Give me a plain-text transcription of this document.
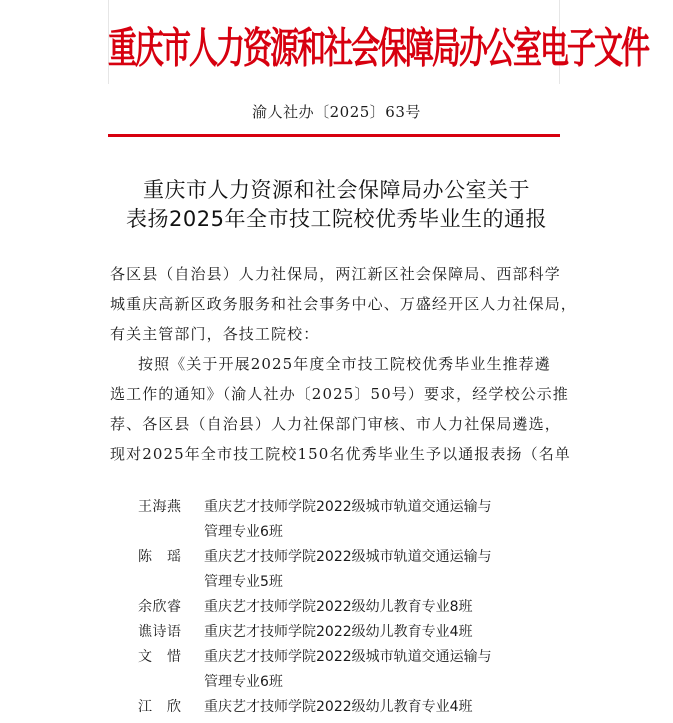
重庆市人力资源和社会保障局办公室电子文件
渝人社办〔2025〕63号
重庆市人力资源和社会保障局办公室关于
表扬2025年全市技工院校优秀毕业生的通报
各区县（自治县）人力社保局，两江新区社会保障局、西部科学
城重庆高新区政务服务和社会事务中心、万盛经开区人力社保局，
有关主管部门，各技工院校：
按照《关于开展2025年度全市技工院校优秀毕业生推荐遴
选工作的通知》（渝人社办〔2025〕50号）要求，经学校公示推
荐、各区县（自治县）人力社保部门审核、市人力社保局遴选，
现对2025年全市技工院校150名优秀毕业生予以通报表扬（名单
王海燕	重庆艺才技师学院2022级城市轨道交通运输与
管理专业6班
陈　瑶	重庆艺才技师学院2022级城市轨道交通运输与
管理专业5班
余欣睿	重庆艺才技师学院2022级幼儿教育专业8班
谯诗语	重庆艺才技师学院2022级幼儿教育专业4班
文　惜	重庆艺才技师学院2022级城市轨道交通运输与
管理专业6班
江　欣	重庆艺才技师学院2022级幼儿教育专业4班
